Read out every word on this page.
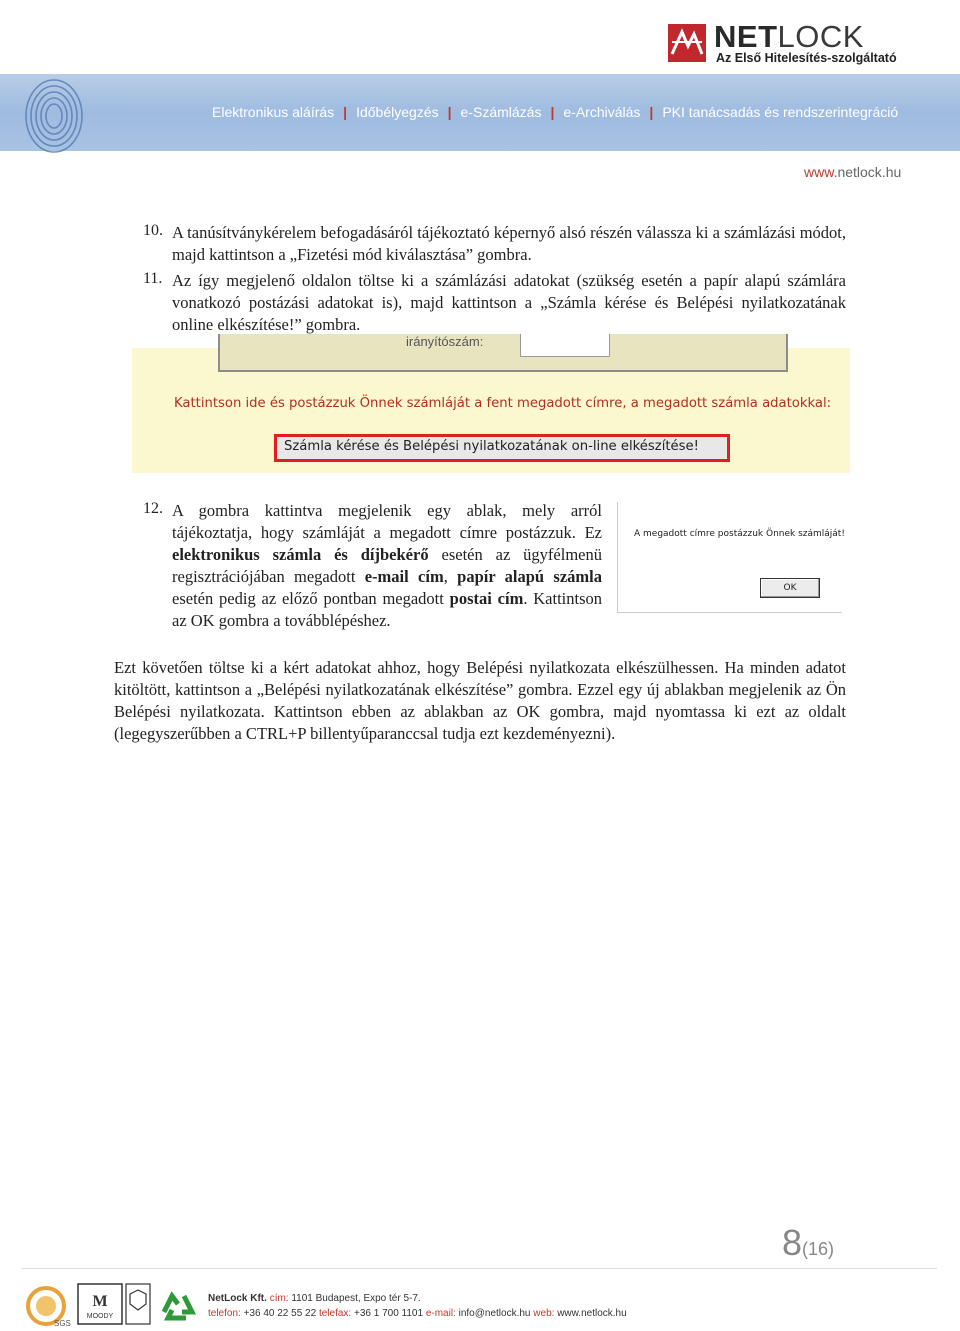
NETLOCK
Az Első Hitelesítés-szolgáltató
Elektronikus aláírás | Időbélyegzés | e-Számlázás | e-Archiválás | PKI tanácsadás és rendszerintegráció
www.netlock.hu
10. A tanúsítványkérelem befogadásáról tájékoztató képernyő alsó részén válassza ki a számlázási módot, majd kattintson a „Fizetési mód kiválasztása” gombra.
11. Az így megjelenő oldalon töltse ki a számlázási adatokat (szükség esetén a papír alapú számlára vonatkozó postázási adatokat is), majd kattintson a „Számla kérése és Belépési nyilatkozatának online elkészítése!” gombra.
irányítószám:
Kattintson ide és postázzuk Önnek számláját a fent megadott címre, a megadott számla adatokkal:
Számla kérése és Belépési nyilatkozatának on-line elkészítése!
12. A gombra kattintva megjelenik egy ablak, mely arról tájékoztatja, hogy számláját a megadott címre postázzuk. Ez elektronikus számla és díjbekérő esetén az ügyfélmenü regisztrációjában megadott e-mail cím, papír alapú számla esetén pedig az előző pontban megadott postai cím. Kattintson az OK gombra a továbblépéshez.
A megadott címre postázzuk Önnek számláját!
OK
Ezt követően töltse ki a kért adatokat ahhoz, hogy Belépési nyilatkozata elkészülhessen. Ha minden adatot kitöltött, kattintson a „Belépési nyilatkozatának elkészítése” gombra. Ezzel egy új ablakban megjelenik az Ön Belépési nyilatkozata. Kattintson ebben az ablakban az OK gombra, majd nyomtassa ki ezt az oldalt (legegyszerűbben a CTRL+P billentyűparanccsal tudja ezt kezdeményezni).
8(16)
SGS
M
MOODY
NetLock Kft. cím: 1101 Budapest, Expo tér 5-7.
telefon: +36 40 22 55 22 telefax: +36 1 700 1101 e-mail: info@netlock.hu web: www.netlock.hu
